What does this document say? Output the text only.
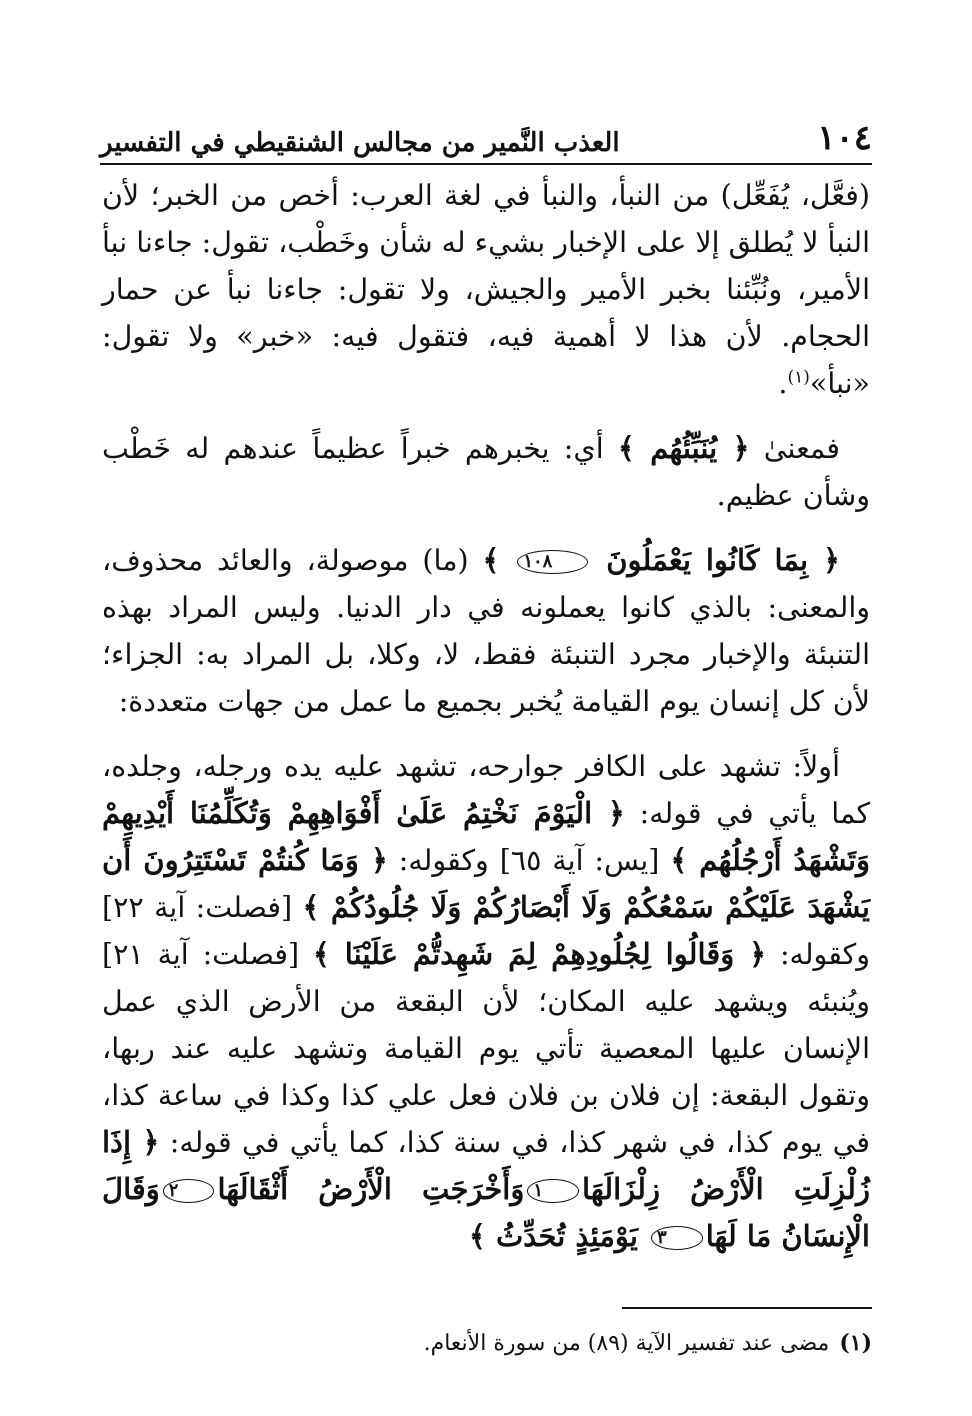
١٠٤
العذب النَّمير من مجالس الشنقيطي في التفسير

(فعَّل، يُفَعِّل) من النبأ، والنبأ في لغة العرب: أخص من الخبر؛ لأن النبأ لا يُطلق إلا على الإخبار بشيء له شأن وخَطْب، تقول: جاءنا نبأ الأمير، ونُبِّئنا بخبر الأمير والجيش، ولا تقول: جاءنا نبأ عن حمار الحجام. لأن هذا لا أهمية فيه، فتقول فيه: «خبر» ولا تقول: «نبأ»$^{(١)}$.

فمعنىٰ ﴿ يُنَبِّئُهُم ﴾ أي: يخبرهم خبراً عظيماً عندهم له خَطْب وشأن عظيم.

﴿ بِمَا كَانُوا يَعْمَلُونَ ١٠٨ ﴾ (ما) موصولة، والعائد محذوف، والمعنى: بالذي كانوا يعملونه في دار الدنيا. وليس المراد بهذه التنبئة والإخبار مجرد التنبئة فقط، لا، وكلا، بل المراد به: الجزاء؛ لأن كل إنسان يوم القيامة يُخبر بجميع ما عمل من جهات متعددة:

أولاً: تشهد على الكافر جوارحه، تشهد عليه يده ورجله، وجلده، كما يأتي في قوله: ﴿ الْيَوْمَ نَخْتِمُ عَلَىٰ أَفْوَاهِهِمْ وَتُكَلِّمُنَا أَيْدِيهِمْ وَتَشْهَدُ أَرْجُلُهُم ﴾ [يس: آية ٦٥] وكقوله: ﴿ وَمَا كُنتُمْ تَسْتَتِرُونَ أَن يَشْهَدَ عَلَيْكُمْ سَمْعُكُمْ وَلَا أَبْصَارُكُمْ وَلَا جُلُودُكُمْ ﴾ [فصلت: آية ٢٢] وكقوله: ﴿ وَقَالُوا لِجُلُودِهِمْ لِمَ شَهِدتُّمْ عَلَيْنَا ﴾ [فصلت: آية ٢١] ويُنبئه ويشهد عليه المكان؛ لأن البقعة من الأرض الذي عمل الإنسان عليها المعصية تأتي يوم القيامة وتشهد عليه عند ربها، وتقول البقعة: إن فلان بن فلان فعل علي كذا وكذا في ساعة كذا، في يوم كذا، في شهر كذا، في سنة كذا، كما يأتي في قوله: ﴿ إِذَا زُلْزِلَتِ الْأَرْضُ زِلْزَالَهَا١وَأَخْرَجَتِ الْأَرْضُ أَثْقَالَهَا٢وَقَالَ الْإِنسَانُ مَا لَهَا٣ يَوْمَئِذٍ تُحَدِّثُ ﴾

(١)مضى عند تفسير الآية (٨٩) من سورة الأنعام.
